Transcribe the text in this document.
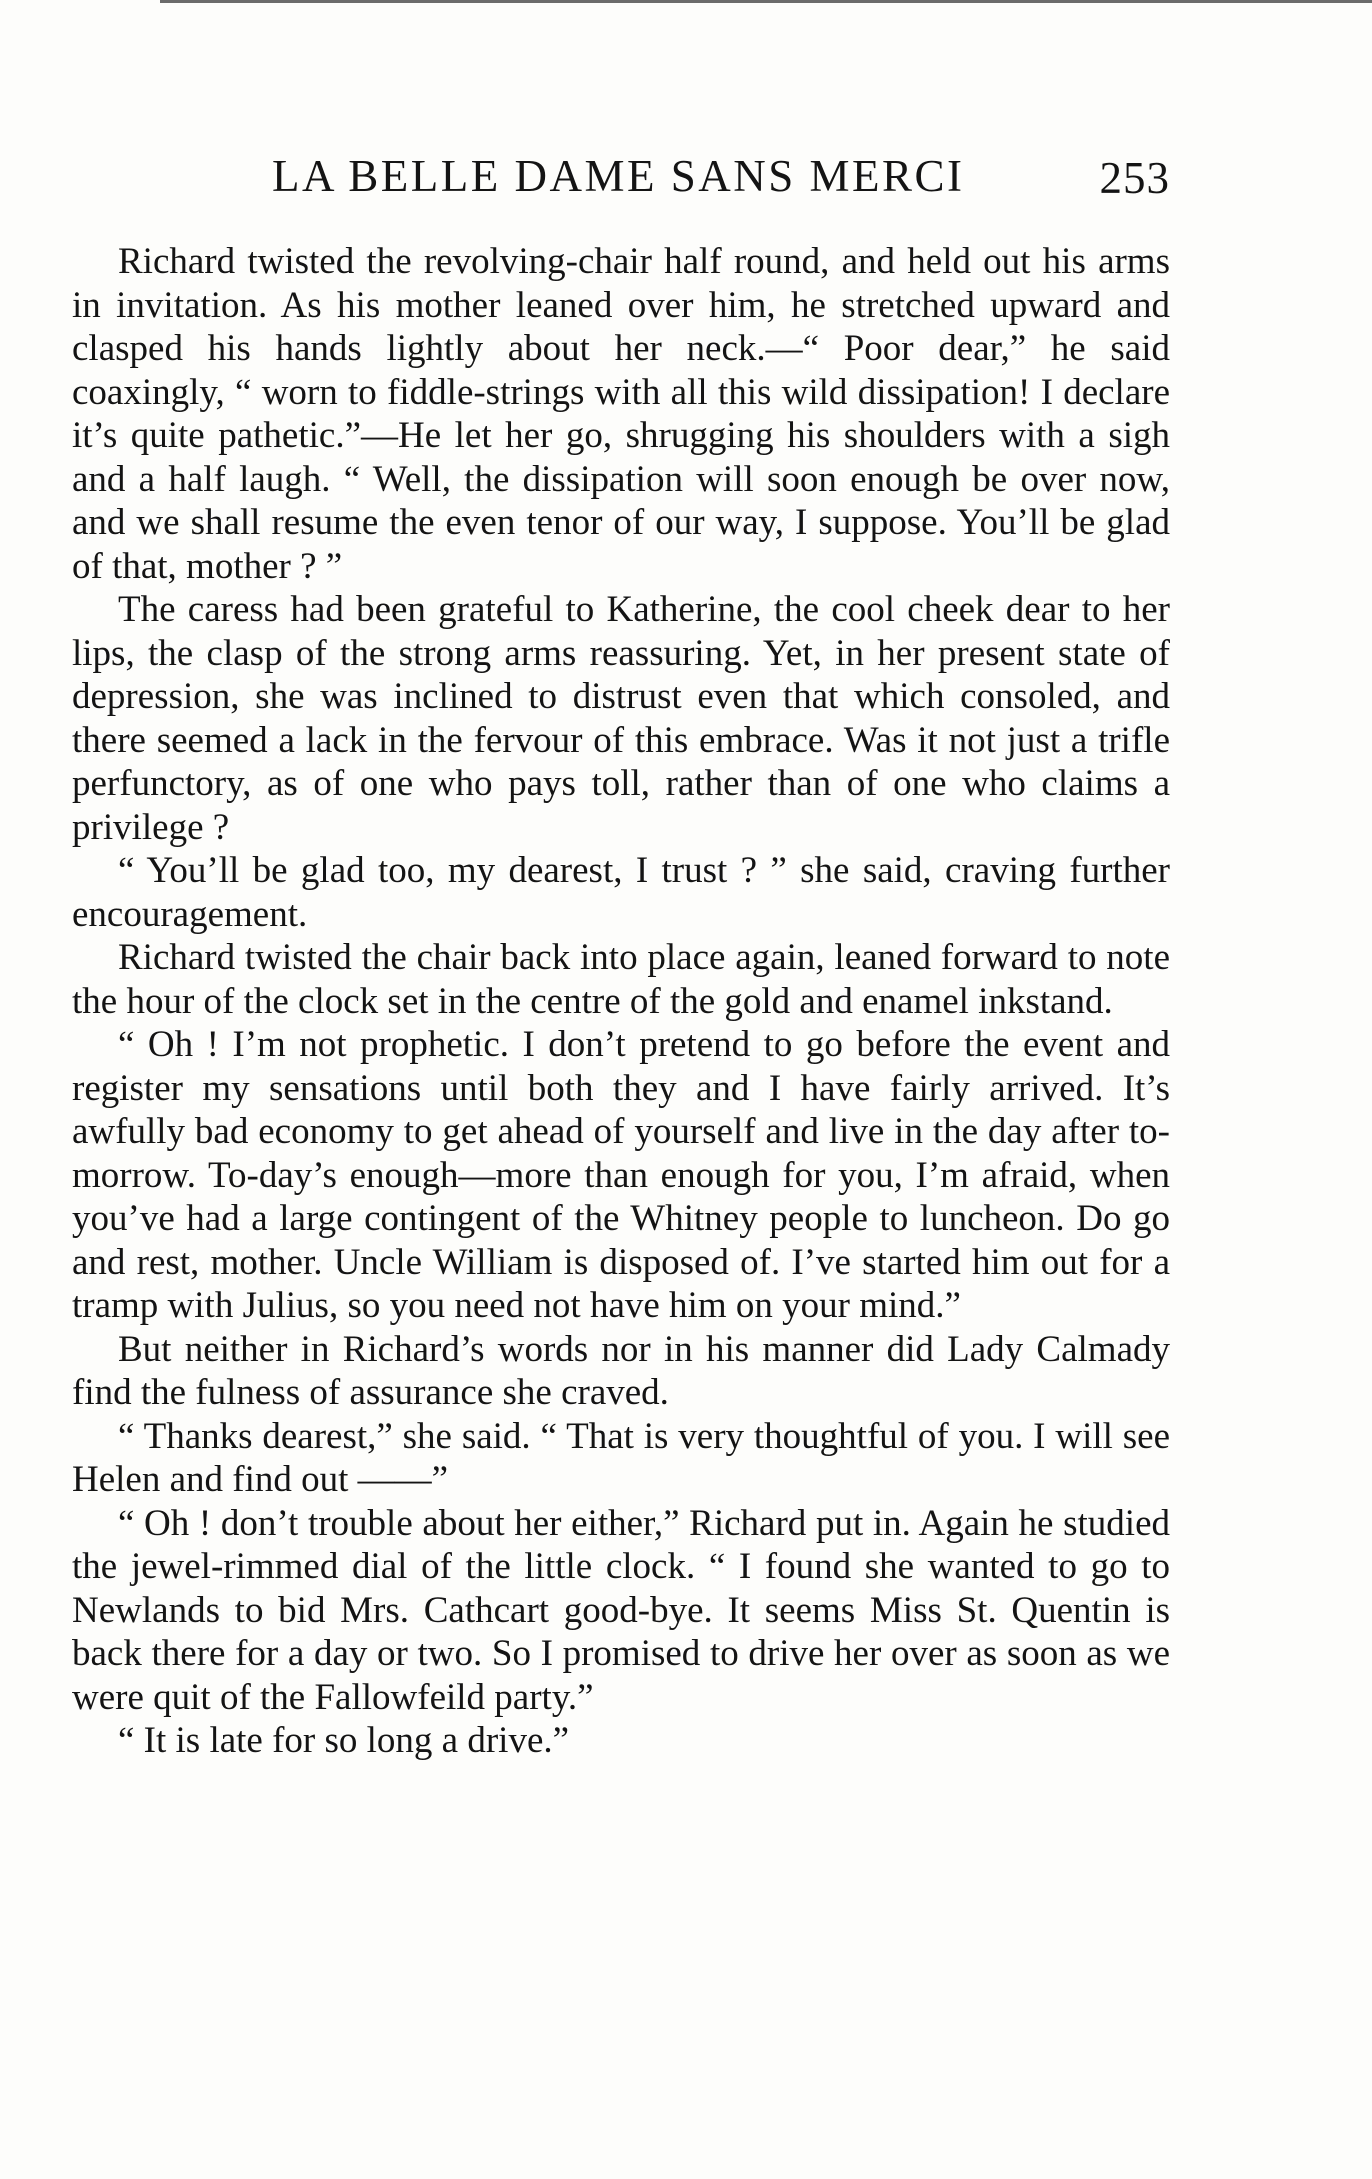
LA BELLE DAME SANS MERCI	253

Richard twisted the revolving-chair half round, and held out his arms in invitation. As his mother leaned over him, he stretched upward and clasped his hands lightly about her neck.—“ Poor dear,” he said coaxingly, “ worn to fiddle-strings with all this wild dissipation! I declare it’s quite pathetic.”—He let her go, shrugging his shoulders with a sigh and a half laugh. “ Well, the dissipation will soon enough be over now, and we shall resume the even tenor of our way, I suppose. You’ll be glad of that, mother ? ”

The caress had been grateful to Katherine, the cool cheek dear to her lips, the clasp of the strong arms reassuring. Yet, in her present state of depression, she was inclined to distrust even that which consoled, and there seemed a lack in the fervour of this embrace. Was it not just a trifle perfunctory, as of one who pays toll, rather than of one who claims a privilege ?

“ You’ll be glad too, my dearest, I trust ? ” she said, craving further encouragement.

Richard twisted the chair back into place again, leaned forward to note the hour of the clock set in the centre of the gold and enamel inkstand.

“ Oh ! I’m not prophetic. I don’t pretend to go before the event and register my sensations until both they and I have fairly arrived. It’s awfully bad economy to get ahead of yourself and live in the day after to-morrow. To-day’s enough—more than enough for you, I’m afraid, when you’ve had a large contingent of the Whitney people to luncheon. Do go and rest, mother. Uncle William is disposed of. I’ve started him out for a tramp with Julius, so you need not have him on your mind.”

But neither in Richard’s words nor in his manner did Lady Calmady find the fulness of assurance she craved.

“ Thanks dearest,” she said. “ That is very thoughtful of you. I will see Helen and find out ——”

“ Oh ! don’t trouble about her either,” Richard put in. Again he studied the jewel-rimmed dial of the little clock. “ I found she wanted to go to Newlands to bid Mrs. Cathcart good-bye. It seems Miss St. Quentin is back there for a day or two. So I promised to drive her over as soon as we were quit of the Fallowfeild party.”

“ It is late for so long a drive.”
